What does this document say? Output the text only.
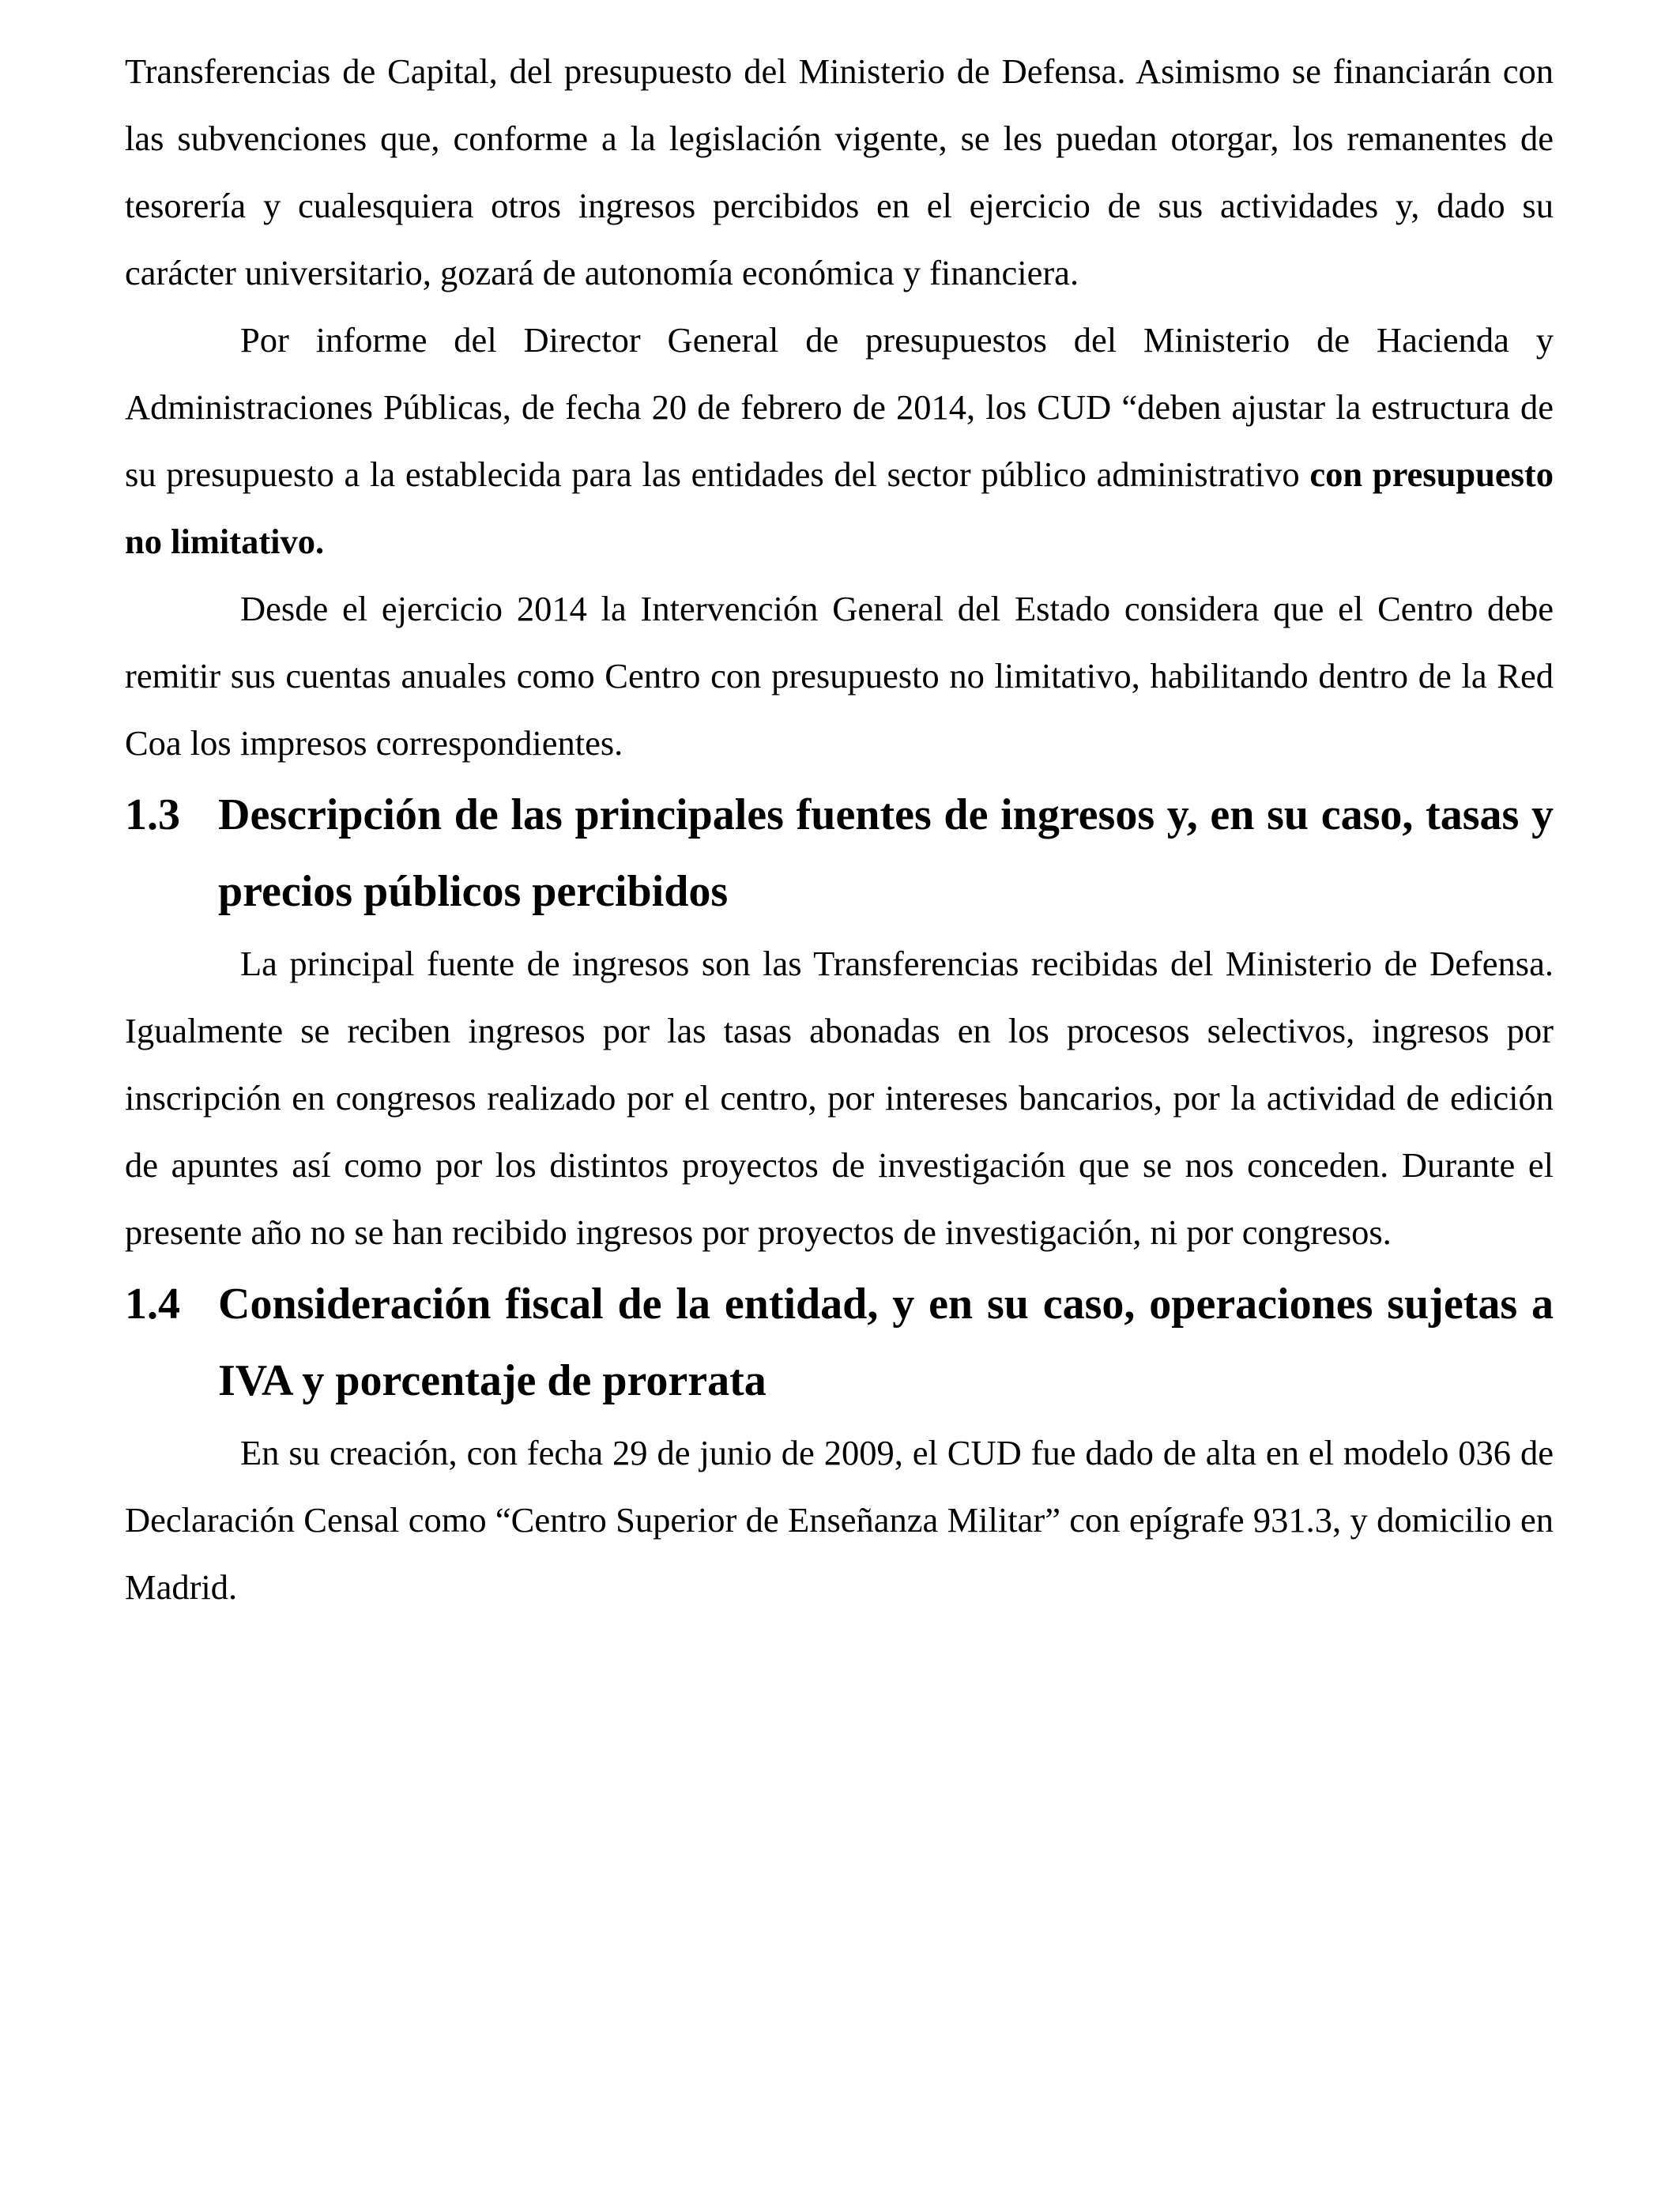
Transferencias de Capital, del presupuesto del Ministerio de Defensa. Asimismo se financiarán con las subvenciones que, conforme a la legislación vigente, se les puedan otorgar, los remanentes de tesorería y cualesquiera otros ingresos percibidos en el ejercicio de sus actividades y, dado su carácter universitario, gozará de autonomía económica y financiera.

Por informe del Director General de presupuestos del Ministerio de Hacienda y Administraciones Públicas, de fecha 20 de febrero de 2014, los CUD “deben ajustar la estructura de su presupuesto a la establecida para las entidades del sector público administrativo con presupuesto no limitativo.

Desde el ejercicio 2014 la Intervención General del Estado considera que el Centro debe remitir sus cuentas anuales como Centro con presupuesto no limitativo, habilitando dentro de la Red Coa los impresos correspondientes.

1.3 Descripción de las principales fuentes de ingresos y, en su caso, tasas y precios públicos percibidos

La principal fuente de ingresos son las Transferencias recibidas del Ministerio de Defensa. Igualmente se reciben ingresos por las tasas abonadas en los procesos selectivos, ingresos por inscripción en congresos realizado por el centro, por intereses bancarios, por la actividad de edición de apuntes así como por los distintos proyectos de investigación que se nos conceden. Durante el presente año no se han recibido ingresos por proyectos de investigación, ni por congresos.

1.4 Consideración fiscal de la entidad, y en su caso, operaciones sujetas a IVA y porcentaje de prorrata

En su creación, con fecha 29 de junio de 2009, el CUD fue dado de alta en el modelo 036 de Declaración Censal como “Centro Superior de Enseñanza Militar” con epígrafe 931.3, y domicilio en Madrid.
